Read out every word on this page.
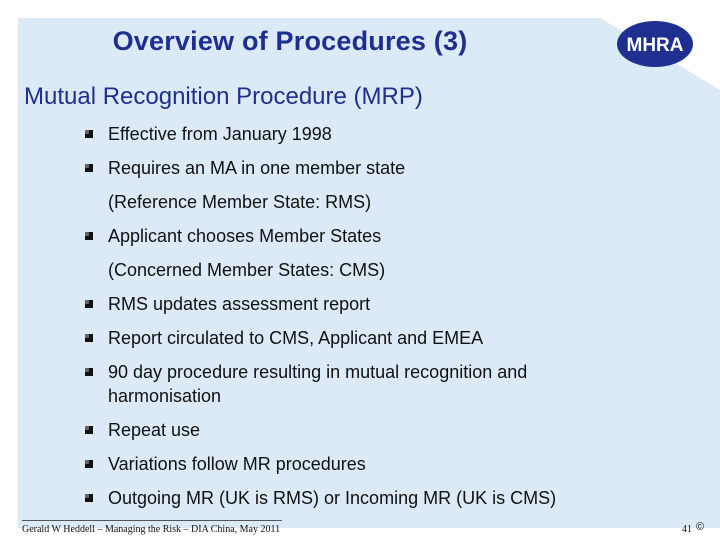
Overview of Procedures (3)	MHRA
Mutual Recognition Procedure (MRP)
Effective from January 1998
Requires an MA in one member state
(Reference Member State: RMS)
Applicant chooses Member States
(Concerned Member States: CMS)
RMS updates assessment report
Report circulated to CMS, Applicant and EMEA
90 day procedure resulting in mutual recognition and
harmonisation
Repeat use
Variations follow MR procedures
Outgoing MR (UK is RMS) or Incoming MR (UK is CMS)
Gerald W Heddell – Managing the Risk – DIA China, May 2011	41 ©
